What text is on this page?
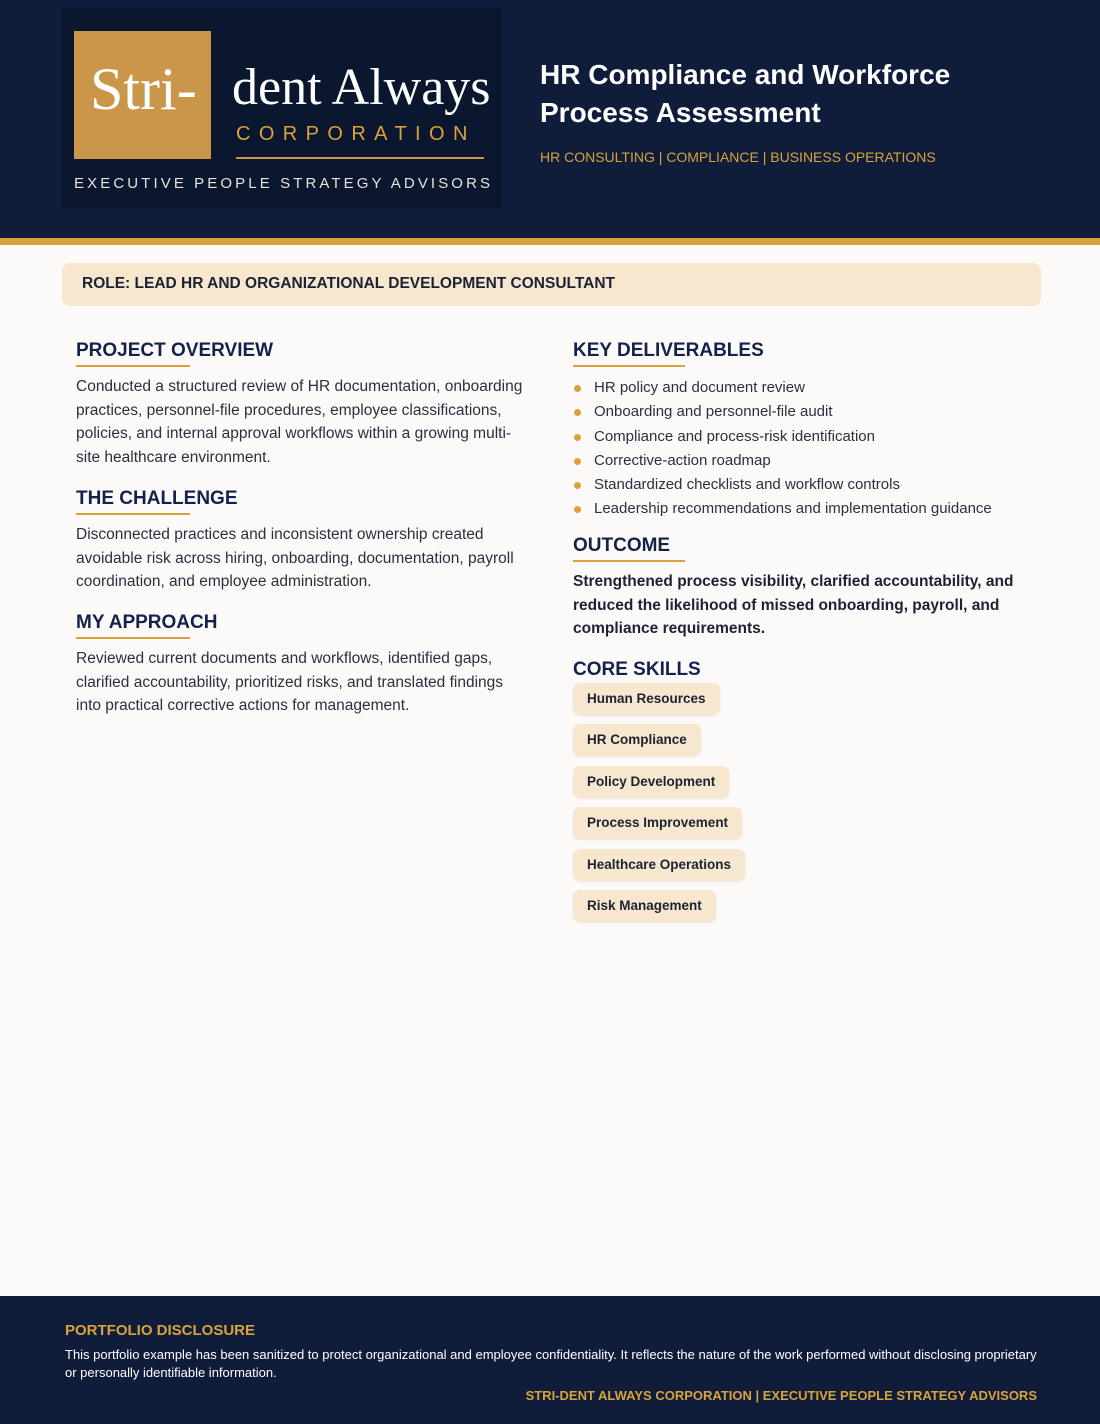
Stri- dent Always
CORPORATION
EXECUTIVE PEOPLE STRATEGY ADVISORS
HR Compliance and Workforce
Process Assessment
HR CONSULTING | COMPLIANCE | BUSINESS OPERATIONS
ROLE: LEAD HR AND ORGANIZATIONAL DEVELOPMENT CONSULTANT
PROJECT OVERVIEW
Conducted a structured review of HR documentation, onboarding practices, personnel-file procedures, employee classifications, policies, and internal approval workflows within a growing multi-site healthcare environment.
THE CHALLENGE
Disconnected practices and inconsistent ownership created avoidable risk across hiring, onboarding, documentation, payroll coordination, and employee administration.
MY APPROACH
Reviewed current documents and workflows, identified gaps, clarified accountability, prioritized risks, and translated findings into practical corrective actions for management.
KEY DELIVERABLES
HR policy and document review
Onboarding and personnel-file audit
Compliance and process-risk identification
Corrective-action roadmap
Standardized checklists and workflow controls
Leadership recommendations and implementation guidance
OUTCOME
Strengthened process visibility, clarified accountability, and reduced the likelihood of missed onboarding, payroll, and compliance requirements.
CORE SKILLS
Human Resources
HR Compliance
Policy Development
Process Improvement
Healthcare Operations
Risk Management
PORTFOLIO DISCLOSURE
This portfolio example has been sanitized to protect organizational and employee confidentiality. It reflects the nature of the work performed without disclosing proprietary or personally identifiable information.
STRI-DENT ALWAYS CORPORATION | EXECUTIVE PEOPLE STRATEGY ADVISORS
